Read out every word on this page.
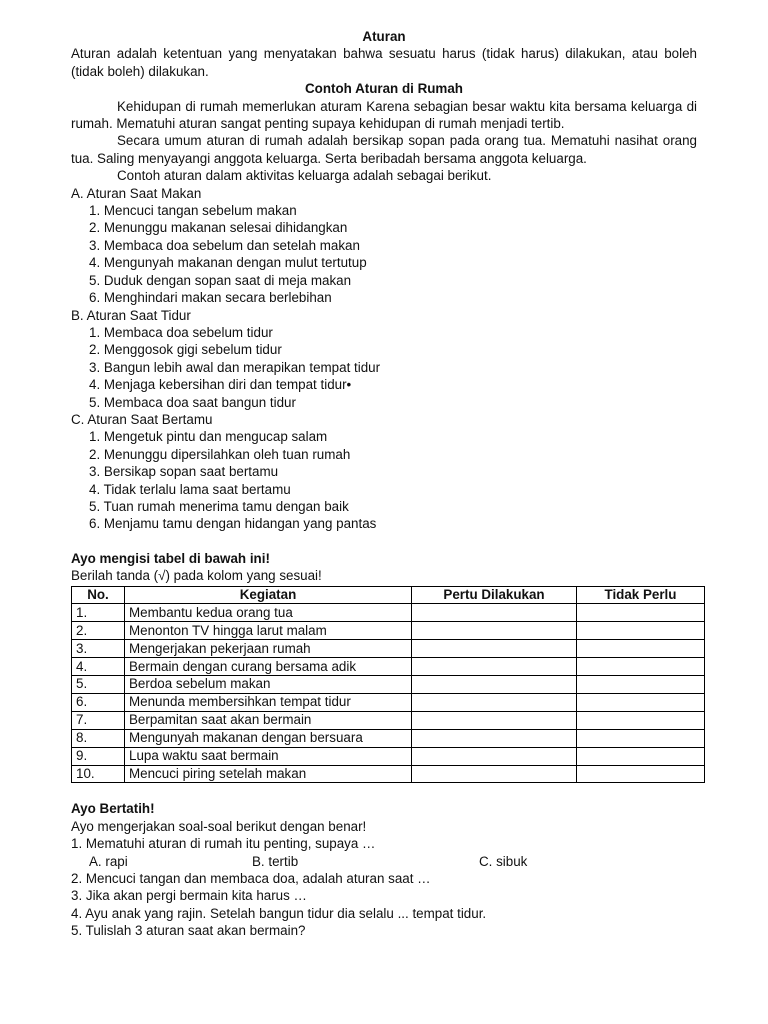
Aturan
Aturan adalah ketentuan yang menyatakan bahwa sesuatu harus (tidak harus) dilakukan, atau boleh (tidak boleh) dilakukan.
Contoh Aturan di Rumah
Kehidupan di rumah memerlukan aturam Karena sebagian besar waktu kita bersama keluarga di rumah. Mematuhi aturan sangat penting supaya kehidupan di rumah menjadi tertib.
Secara umum aturan di rumah adalah bersikap sopan pada orang tua. Mematuhi nasihat orang tua. Saling menyayangi anggota keluarga. Serta beribadah bersama anggota keluarga.
Contoh aturan dalam aktivitas keluarga adalah sebagai berikut.
A. Aturan Saat Makan
1. Mencuci tangan sebelum makan
2. Menunggu makanan selesai dihidangkan
3. Membaca doa sebelum dan setelah makan
4. Mengunyah makanan dengan mulut tertutup
5. Duduk dengan sopan saat di meja makan
6. Menghindari makan secara berlebihan
B. Aturan Saat Tidur
1. Membaca doa sebelum tidur
2. Menggosok gigi sebelum tidur
3. Bangun lebih awal dan merapikan tempat tidur
4. Menjaga kebersihan diri dan tempat tidur•
5. Membaca doa saat bangun tidur
C. Aturan Saat Bertamu
1. Mengetuk pintu dan mengucap salam
2. Menunggu dipersilahkan oleh tuan rumah
3. Bersikap sopan saat bertamu
4. Tidak terlalu lama saat bertamu
5. Tuan rumah menerima tamu dengan baik
6. Menjamu tamu dengan hidangan yang pantas
Ayo mengisi tabel di bawah ini!
Berilah tanda (√) pada kolom yang sesuai!
No.	Kegiatan	Pertu Dilakukan	Tidak Perlu
1.	Membantu kedua orang tua		
2.	Menonton TV hingga larut malam		
3.	Mengerjakan pekerjaan rumah		
4.	Bermain dengan curang bersama adik		
5.	Berdoa sebelum makan		
6.	Menunda membersihkan tempat tidur		
7.	Berpamitan saat akan bermain		
8.	Mengunyah makanan dengan bersuara		
9.	Lupa waktu saat bermain		
10.	Mencuci piring setelah makan		
Ayo Bertatih!
Ayo mengerjakan soal-soal berikut dengan benar!
1. Mematuhi aturan di rumah itu penting, supaya …
A. rapi	B. tertib	C. sibuk
2. Mencuci tangan dan membaca doa, adalah aturan saat …
3. Jika akan pergi bermain kita harus …
4. Ayu anak yang rajin. Setelah bangun tidur dia selalu ... tempat tidur.
5. Tulislah 3 aturan saat akan bermain?
